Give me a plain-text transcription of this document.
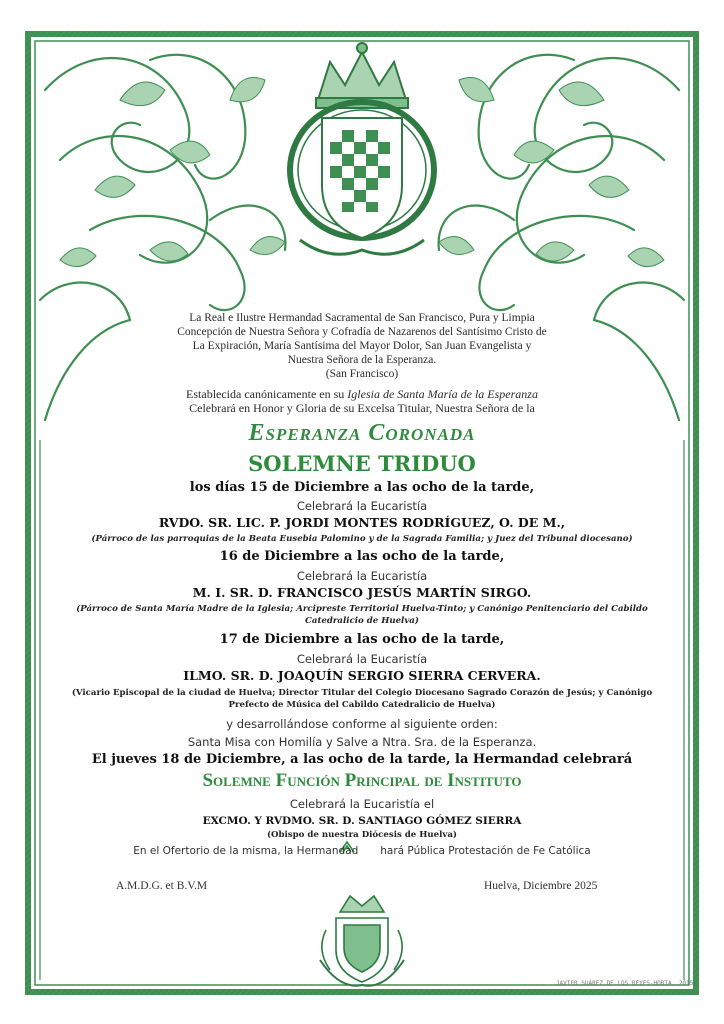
La Real e Ilustre Hermandad Sacramental de San Francisco, Pura y Limpia
Concepción de Nuestra Señora y Cofradía de Nazarenos del Santísimo Cristo de
La Expiración, María Santísima del Mayor Dolor, San Juan Evangelista y
Nuestra Señora de la Esperanza.
(San Francisco)
Establecida canónicamente en su Iglesia de Santa María de la Esperanza
Celebrará en Honor y Gloria de su Excelsa Titular, Nuestra Señora de la
Esperanza Coronada
SOLEMNE TRIDUO
los días 15 de Diciembre a las ocho de la tarde,
Celebrará la Eucaristía
RVDO. SR. LIC. P. JORDI MONTES RODRÍGUEZ, O. DE M.,
(Párroco de las parroquias de la Beata Eusebia Palomino y de la Sagrada Familia; y Juez del Tribunal diocesano)
16 de Diciembre a las ocho de la tarde,
Celebrará la Eucaristía
M. I. SR. D. FRANCISCO JESÚS MARTÍN SIRGO.
(Párroco de Santa María Madre de la Iglesia; Arcipreste Territorial Huelva-Tinto; y Canónigo Penitenciario del Cabildo
Catedralicio de Huelva)
17 de Diciembre a las ocho de la tarde,
Celebrará la Eucaristía
ILMO. SR. D. JOAQUÍN SERGIO SIERRA CERVERA.
(Vicario Episcopal de la ciudad de Huelva; Director Titular del Colegio Diocesano Sagrado Corazón de Jesús; y Canónigo
Prefecto de Música del Cabildo Catedralicio de Huelva)
y desarrollándose conforme al siguiente orden:
Santa Misa con Homilía y Salve a Ntra. Sra. de la Esperanza.
El jueves 18 de Diciembre, a las ocho de la tarde, la Hermandad celebrará
Solemne Función Principal de Instituto
Celebrará la Eucaristía el
EXCMO. Y RVDMO. SR. D. SANTIAGO GÓMEZ SIERRA
(Obispo de nuestra Diócesis de Huelva)
En el Ofertorio de la misma, la Hermandad hará Pública Protestación de Fe Católica
A.M.D.G. et B.V.M	Huelva, Diciembre 2025
JAVIER SUÁREZ DE LOS REYES-HORTA. 2015
